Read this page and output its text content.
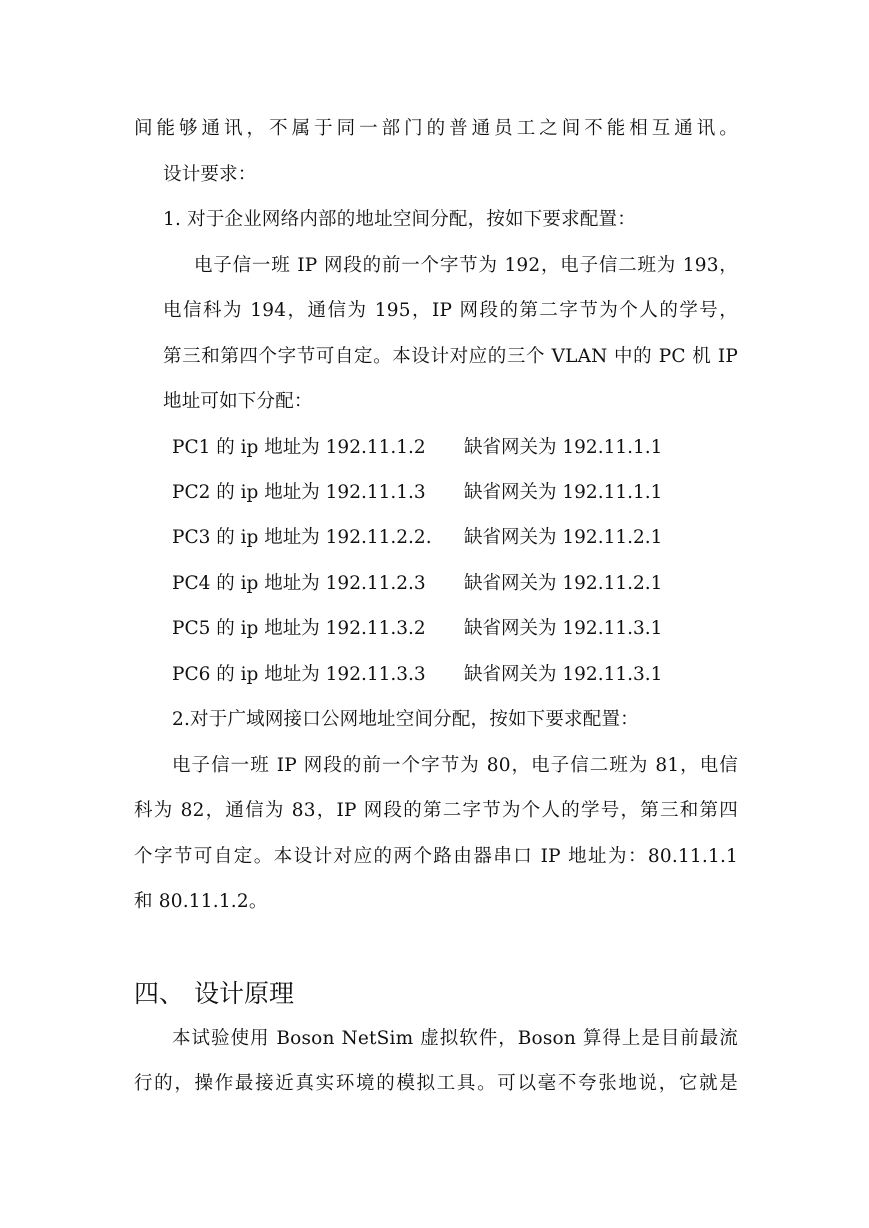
间能够通讯，不属于同一部门的普通员工之间不能相互通讯。
设计要求：
1. 对于企业网络内部的地址空间分配，按如下要求配置：
电子信一班 IP 网段的前一个字节为 192，电子信二班为 193，
电信科为 194，通信为 195，IP 网段的第二字节为个人的学号，
第三和第四个字节可自定。本设计对应的三个 VLAN 中的 PC 机 IP
地址可如下分配：
PC1 的 ip 地址为 192.11.1.2 缺省网关为 192.11.1.1
PC2 的 ip 地址为 192.11.1.3 缺省网关为 192.11.1.1
PC3 的 ip 地址为 192.11.2.2. 缺省网关为 192.11.2.1
PC4 的 ip 地址为 192.11.2.3 缺省网关为 192.11.2.1
PC5 的 ip 地址为 192.11.3.2 缺省网关为 192.11.3.1
PC6 的 ip 地址为 192.11.3.3 缺省网关为 192.11.3.1
2.对于广域网接口公网地址空间分配，按如下要求配置：
电子信一班 IP 网段的前一个字节为 80，电子信二班为 81，电信
科为 82，通信为 83，IP 网段的第二字节为个人的学号，第三和第四
个字节可自定。本设计对应的两个路由器串口 IP 地址为：80.11.1.1
和 80.11.1.2。
四、 设计原理
本试验使用 Boson NetSim 虚拟软件，Boson 算得上是目前最流
行的，操作最接近真实环境的模拟工具。可以毫不夸张地说，它就是
